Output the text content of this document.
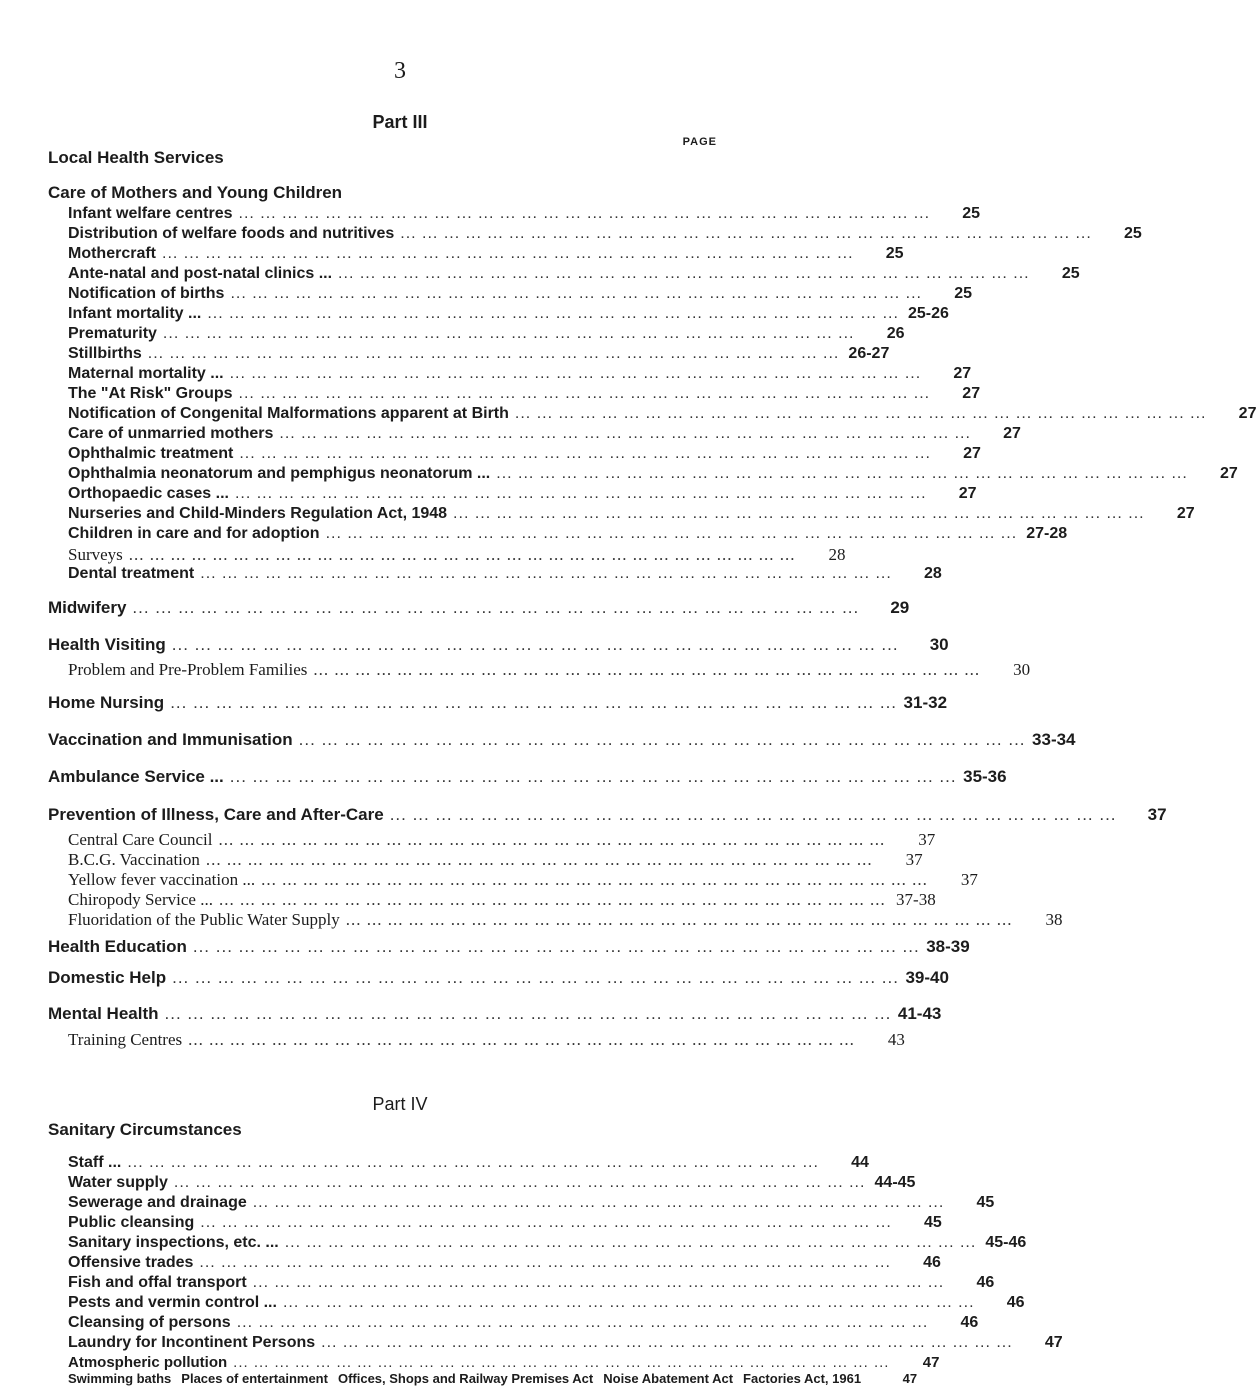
3
Part III
PAGE
Local Health Services
Care of Mothers and Young Children
Infant welfare centres ... .	25
Distribution of welfare foods and nutritives ... .	25
Mothercraft ... .	25
Ante-natal and post-natal clinics ... ... .	25
Notification of births ... .	25
Infant mortality ... ... .	25-26
Prematurity ... .	26
Stillbirths ... .	26-27
Maternal mortality ... ... .	27
The "At Risk" Groups ... .	27
Notification of Congenital Malformations apparent at Birth ... .	27
Care of unmarried mothers ... .	27
Ophthalmic treatment ... .	27
Ophthalmia neonatorum and pemphigus neonatorum ... ... .	27
Orthopaedic cases ... ... .	27
Nurseries and Child-Minders Regulation Act, 1948 ... .	27
Children in care and for adoption ... .	27-28
Surveys ... .	28
Dental treatment ... .	28
Midwifery ... .	29
Health Visiting ... .	30
Problem and Pre-Problem Families ... .	30
Home Nursing ... .	31-32
Vaccination and Immunisation ... .	33-34
Ambulance Service ... ... .	35-36
Prevention of Illness, Care and After-Care ... .	37
Central Care Council ... .	37
B.C.G. Vaccination ... .	37
Yellow fever vaccination ... ... .	37
Chiropody Service ... ... .	37-38
Fluoridation of the Public Water Supply ... .	38
Health Education ... .	38-39
Domestic Help ... .	39-40
Mental Health ... .	41-43
Training Centres ... .	43
Part IV
Sanitary Circumstances
Staff ... ... .	44
Water supply ... .	44-45
Sewerage and drainage ... .	45
Public cleansing ... .	45
Sanitary inspections, etc. ... ... .	45-46
Offensive trades ... .	46
Fish and offal transport ... .	46
Pests and vermin control ... ... .	46
Cleansing of persons ... .	46
Laundry for Incontinent Persons ... .	47
Atmospheric pollution ... .	47
Swimming baths Places of entertainment Offices, Shops and Railway Premises Act Noise Abatement Act Factories Act, 1961	47
